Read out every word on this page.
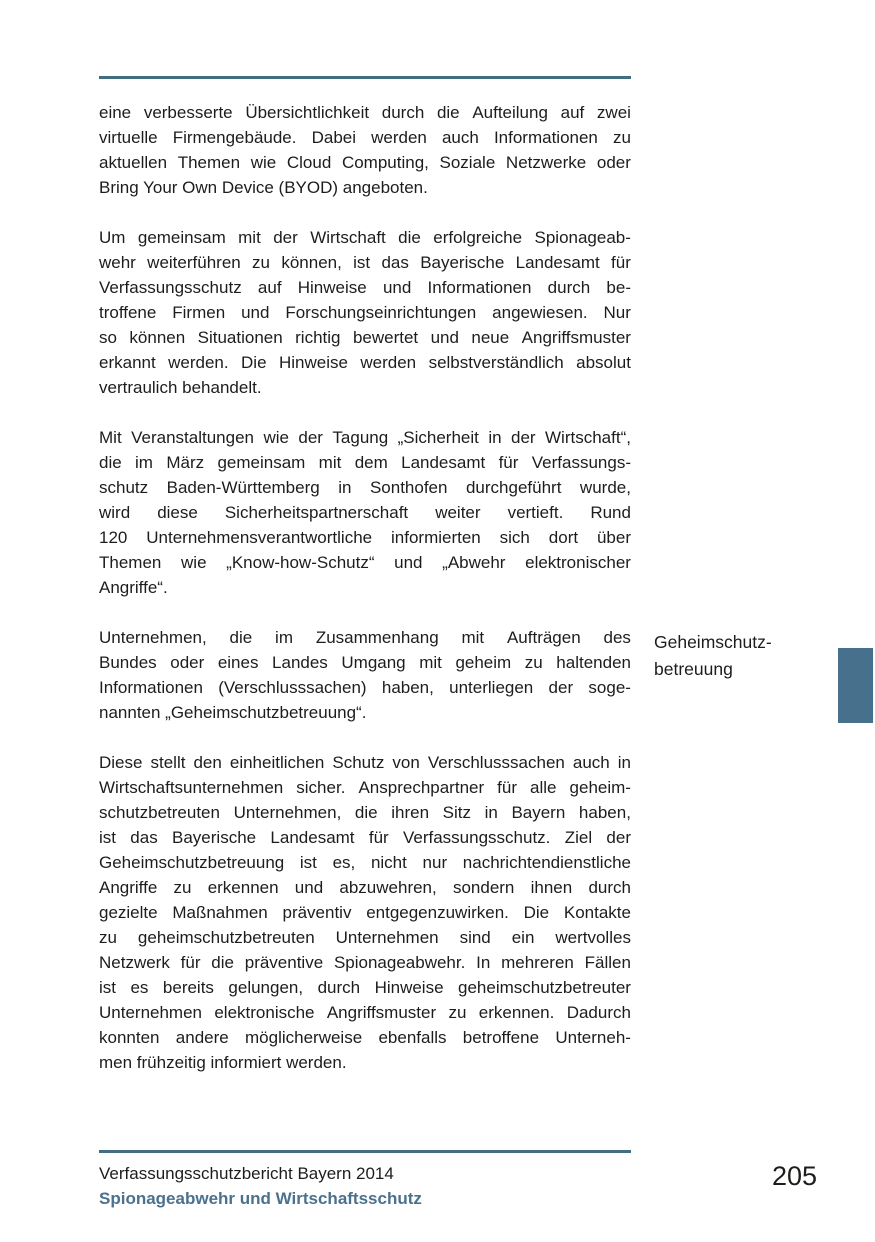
eine verbesserte Übersichtlichkeit durch die Aufteilung auf zwei
virtuelle Firmengebäude. Dabei werden auch Informationen zu
aktuellen Themen wie Cloud Computing, Soziale Netzwerke oder
Bring Your Own Device (BYOD) angeboten.
Um gemeinsam mit der Wirtschaft die erfolgreiche Spionageab-
wehr weiterführen zu können, ist das Bayerische Landesamt für
Verfassungsschutz auf Hinweise und Informationen durch be-
troffene Firmen und Forschungseinrichtungen angewiesen. Nur
so können Situationen richtig bewertet und neue Angriffsmuster
erkannt werden. Die Hinweise werden selbstverständlich absolut
vertraulich behandelt.
Mit Veranstaltungen wie der Tagung „Sicherheit in der Wirtschaft“,
die im März gemeinsam mit dem Landesamt für Verfassungs-
schutz Baden-Württemberg in Sonthofen durchgeführt wurde,
wird diese Sicherheitspartnerschaft weiter vertieft. Rund
120 Unternehmensverantwortliche informierten sich dort über
Themen wie „Know-how-Schutz“ und „Abwehr elektronischer
Angriffe“.
Unternehmen, die im Zusammenhang mit Aufträgen des
Bundes oder eines Landes Umgang mit geheim zu haltenden
Informationen (Verschlusssachen) haben, unterliegen der soge-
nannten „Geheimschutzbetreuung“.
Diese stellt den einheitlichen Schutz von Verschlusssachen auch in
Wirtschaftsunternehmen sicher. Ansprechpartner für alle geheim-
schutzbetreuten Unternehmen, die ihren Sitz in Bayern haben,
ist das Bayerische Landesamt für Verfassungsschutz. Ziel der
Geheimschutzbetreuung ist es, nicht nur nachrichtendienstliche
Angriffe zu erkennen und abzuwehren, sondern ihnen durch
gezielte Maßnahmen präventiv entgegenzuwirken. Die Kontakte
zu geheimschutzbetreuten Unternehmen sind ein wertvolles
Netzwerk für die präventive Spionageabwehr. In mehreren Fällen
ist es bereits gelungen, durch Hinweise geheimschutzbetreuter
Unternehmen elektronische Angriffsmuster zu erkennen. Dadurch
konnten andere möglicherweise ebenfalls betroffene Unterneh-
men frühzeitig informiert werden.
Geheimschutz-
betreuung
Verfassungsschutzbericht Bayern 2014
Spionageabwehr und Wirtschaftsschutz
205
